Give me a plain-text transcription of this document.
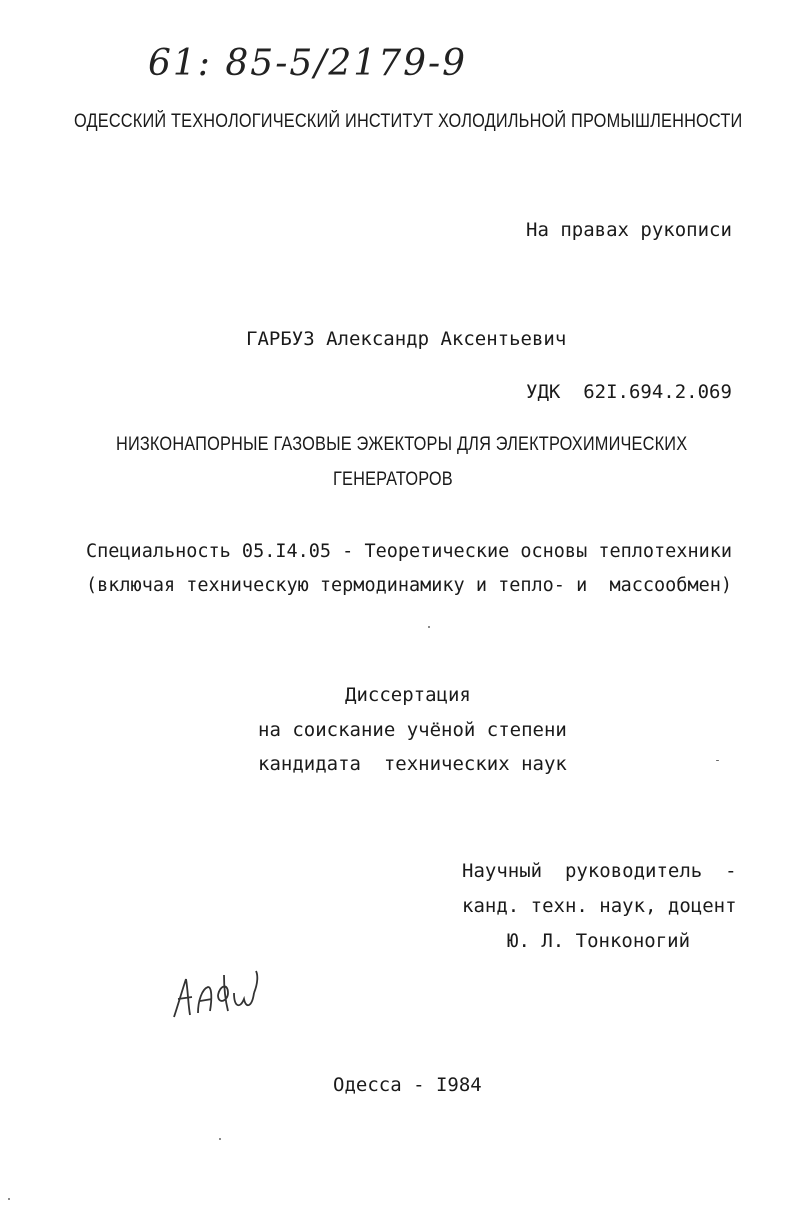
61: 85-5/2179-9
ОДЕССКИЙ ТЕХНОЛОГИЧЕСКИЙ ИНСТИТУТ ХОЛОДИЛЬНОЙ ПРОМЫШЛЕННОСТИ
На правах рукописи
ГАРБУЗ Александр Аксентьевич
УДК  62I.694.2.069
НИЗКОНАПОРНЫЕ ГАЗОВЫЕ ЭЖЕКТОРЫ ДЛЯ ЭЛЕКТРОХИМИЧЕСКИХ
ГЕНЕРАТОРОВ
Специальность 05.I4.05 - Теоретические основы теплотехники
(включая техническую термодинамику и тепло- и  массообмен)
Диссертация
на соискание учёной степени
кандидата  технических наук
Научный  руководитель  -
канд. техн. наук, доцент
Ю. Л. Тонконогий
Одесса - I984
